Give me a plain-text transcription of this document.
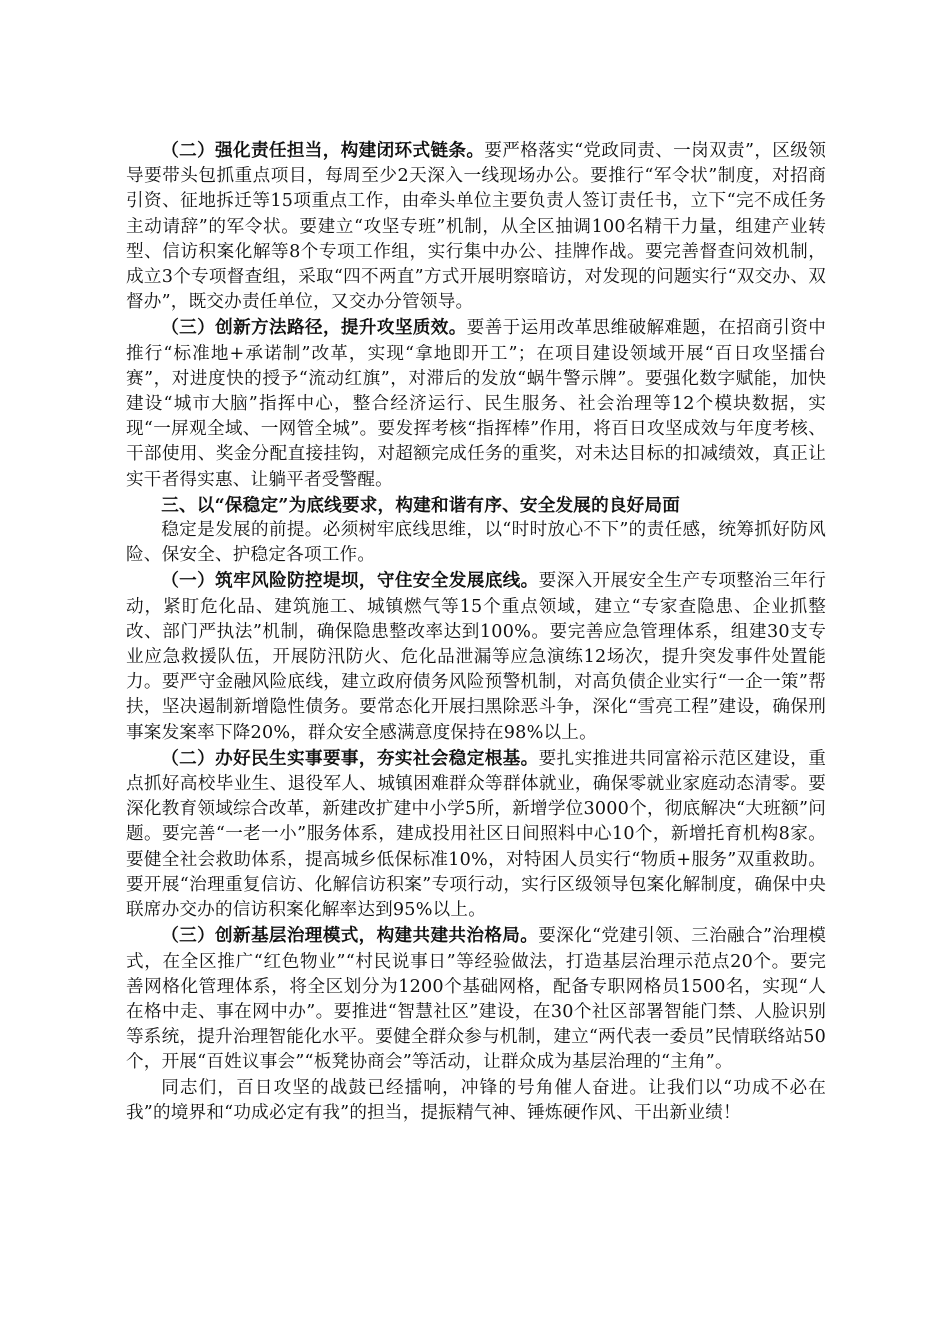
（二）强化责任担当，构建闭环式链条。要严格落实“党政同责、一岗双责”，区级领导要带头包抓重点项目，每周至少2天深入一线现场办公。要推行“军令状”制度，对招商引资、征地拆迁等15项重点工作，由牵头单位主要负责人签订责任书，立下“完不成任务主动请辞”的军令状。要建立“攻坚专班”机制，从全区抽调100名精干力量，组建产业转型、信访积案化解等8个专项工作组，实行集中办公、挂牌作战。要完善督查问效机制，成立3个专项督查组，采取“四不两直”方式开展明察暗访，对发现的问题实行“双交办、双督办”，既交办责任单位，又交办分管领导。

（三）创新方法路径，提升攻坚质效。要善于运用改革思维破解难题，在招商引资中推行“标准地+承诺制”改革，实现“拿地即开工”；在项目建设领域开展“百日攻坚擂台赛”，对进度快的授予“流动红旗”，对滞后的发放“蜗牛警示牌”。要强化数字赋能，加快建设“城市大脑”指挥中心，整合经济运行、民生服务、社会治理等12个模块数据，实现“一屏观全域、一网管全城”。要发挥考核“指挥棒”作用，将百日攻坚成效与年度考核、干部使用、奖金分配直接挂钩，对超额完成任务的重奖，对未达目标的扣减绩效，真正让实干者得实惠、让躺平者受警醒。

三、以“保稳定”为底线要求，构建和谐有序、安全发展的良好局面

稳定是发展的前提。必须树牢底线思维，以“时时放心不下”的责任感，统筹抓好防风险、保安全、护稳定各项工作。

（一）筑牢风险防控堤坝，守住安全发展底线。要深入开展安全生产专项整治三年行动，紧盯危化品、建筑施工、城镇燃气等15个重点领域，建立“专家查隐患、企业抓整改、部门严执法”机制，确保隐患整改率达到100%。要完善应急管理体系，组建30支专业应急救援队伍，开展防汛防火、危化品泄漏等应急演练12场次，提升突发事件处置能力。要严守金融风险底线，建立政府债务风险预警机制，对高负债企业实行“一企一策”帮扶，坚决遏制新增隐性债务。要常态化开展扫黑除恶斗争，深化“雪亮工程”建设，确保刑事案发案率下降20%，群众安全感满意度保持在98%以上。

（二）办好民生实事要事，夯实社会稳定根基。要扎实推进共同富裕示范区建设，重点抓好高校毕业生、退役军人、城镇困难群众等群体就业，确保零就业家庭动态清零。要深化教育领域综合改革，新建改扩建中小学5所，新增学位3000个，彻底解决“大班额”问题。要完善“一老一小”服务体系，建成投用社区日间照料中心10个，新增托育机构8家。要健全社会救助体系，提高城乡低保标准10%，对特困人员实行“物质+服务”双重救助。要开展“治理重复信访、化解信访积案”专项行动，实行区级领导包案化解制度，确保中央联席办交办的信访积案化解率达到95%以上。

（三）创新基层治理模式，构建共建共治格局。要深化“党建引领、三治融合”治理模式，在全区推广“红色物业”“村民说事日”等经验做法，打造基层治理示范点20个。要完善网格化管理体系，将全区划分为1200个基础网格，配备专职网格员1500名，实现“人在格中走、事在网中办”。要推进“智慧社区”建设，在30个社区部署智能门禁、人脸识别等系统，提升治理智能化水平。要健全群众参与机制，建立“两代表一委员”民情联络站50个，开展“百姓议事会”“板凳协商会”等活动，让群众成为基层治理的“主角”。

同志们，百日攻坚的战鼓已经擂响，冲锋的号角催人奋进。让我们以“功成不必在我”的境界和“功成必定有我”的担当，提振精气神、锤炼硬作风、干出新业绩！
